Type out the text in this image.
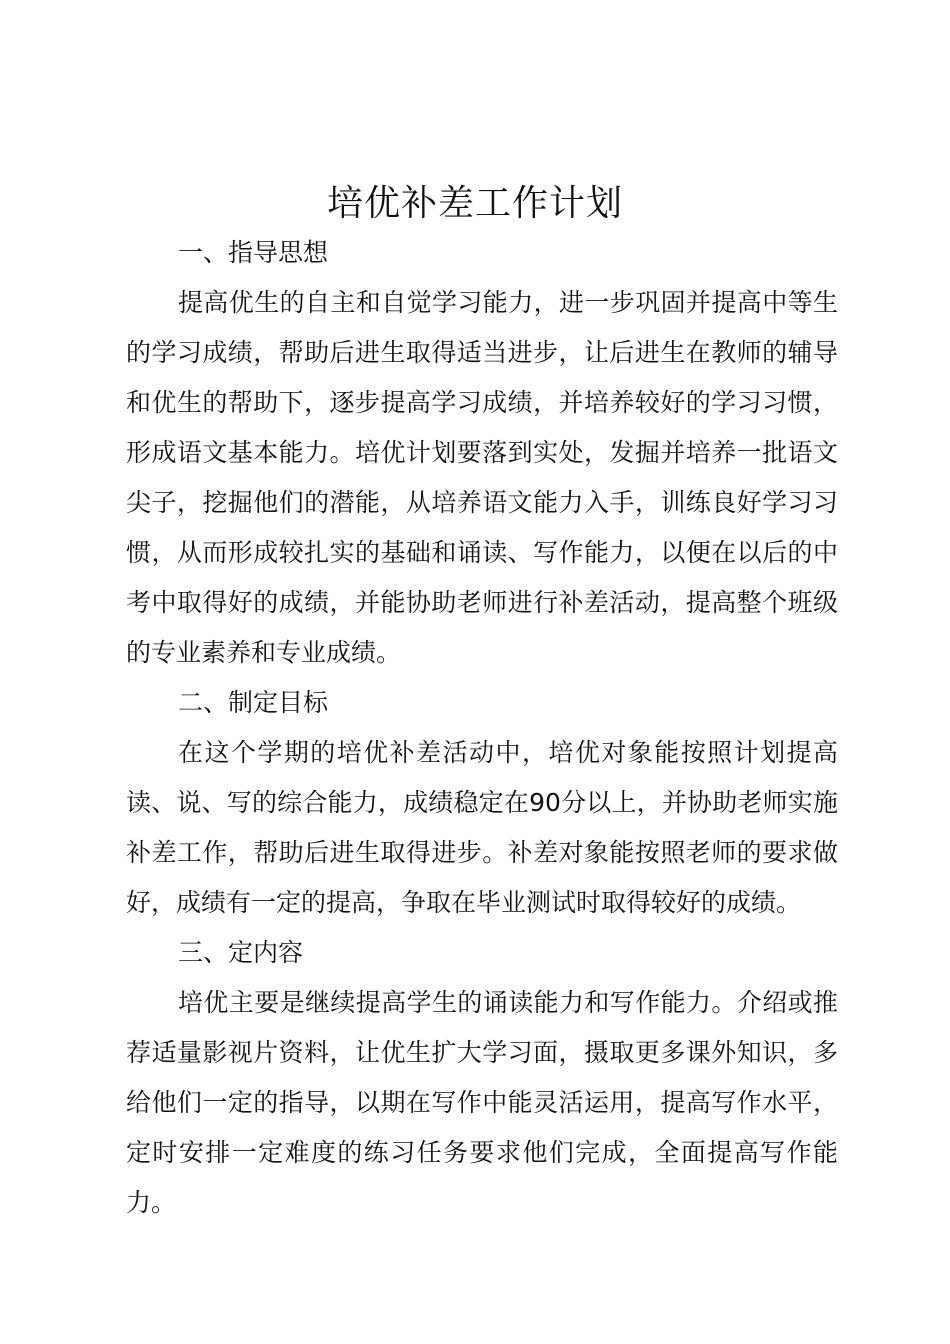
培优补差工作计划

一、指导思想

提高优生的自主和自觉学习能力，进一步巩固并提高中等生的学习成绩，帮助后进生取得适当进步，让后进生在教师的辅导和优生的帮助下，逐步提高学习成绩，并培养较好的学习习惯，形成语文基本能力。培优计划要落到实处，发掘并培养一批语文尖子，挖掘他们的潜能，从培养语文能力入手，训练良好学习习惯，从而形成较扎实的基础和诵读、写作能力，以便在以后的中考中取得好的成绩，并能协助老师进行补差活动，提高整个班级的专业素养和专业成绩。

二、制定目标

在这个学期的培优补差活动中，培优对象能按照计划提高读、说、写的综合能力，成绩稳定在90分以上，并协助老师实施补差工作，帮助后进生取得进步。补差对象能按照老师的要求做好，成绩有一定的提高，争取在毕业测试时取得较好的成绩。

三、定内容

培优主要是继续提高学生的诵读能力和写作能力。介绍或推荐适量影视片资料，让优生扩大学习面，摄取更多课外知识，多给他们一定的指导，以期在写作中能灵活运用，提高写作水平，定时安排一定难度的练习任务要求他们完成，全面提高写作能力。
